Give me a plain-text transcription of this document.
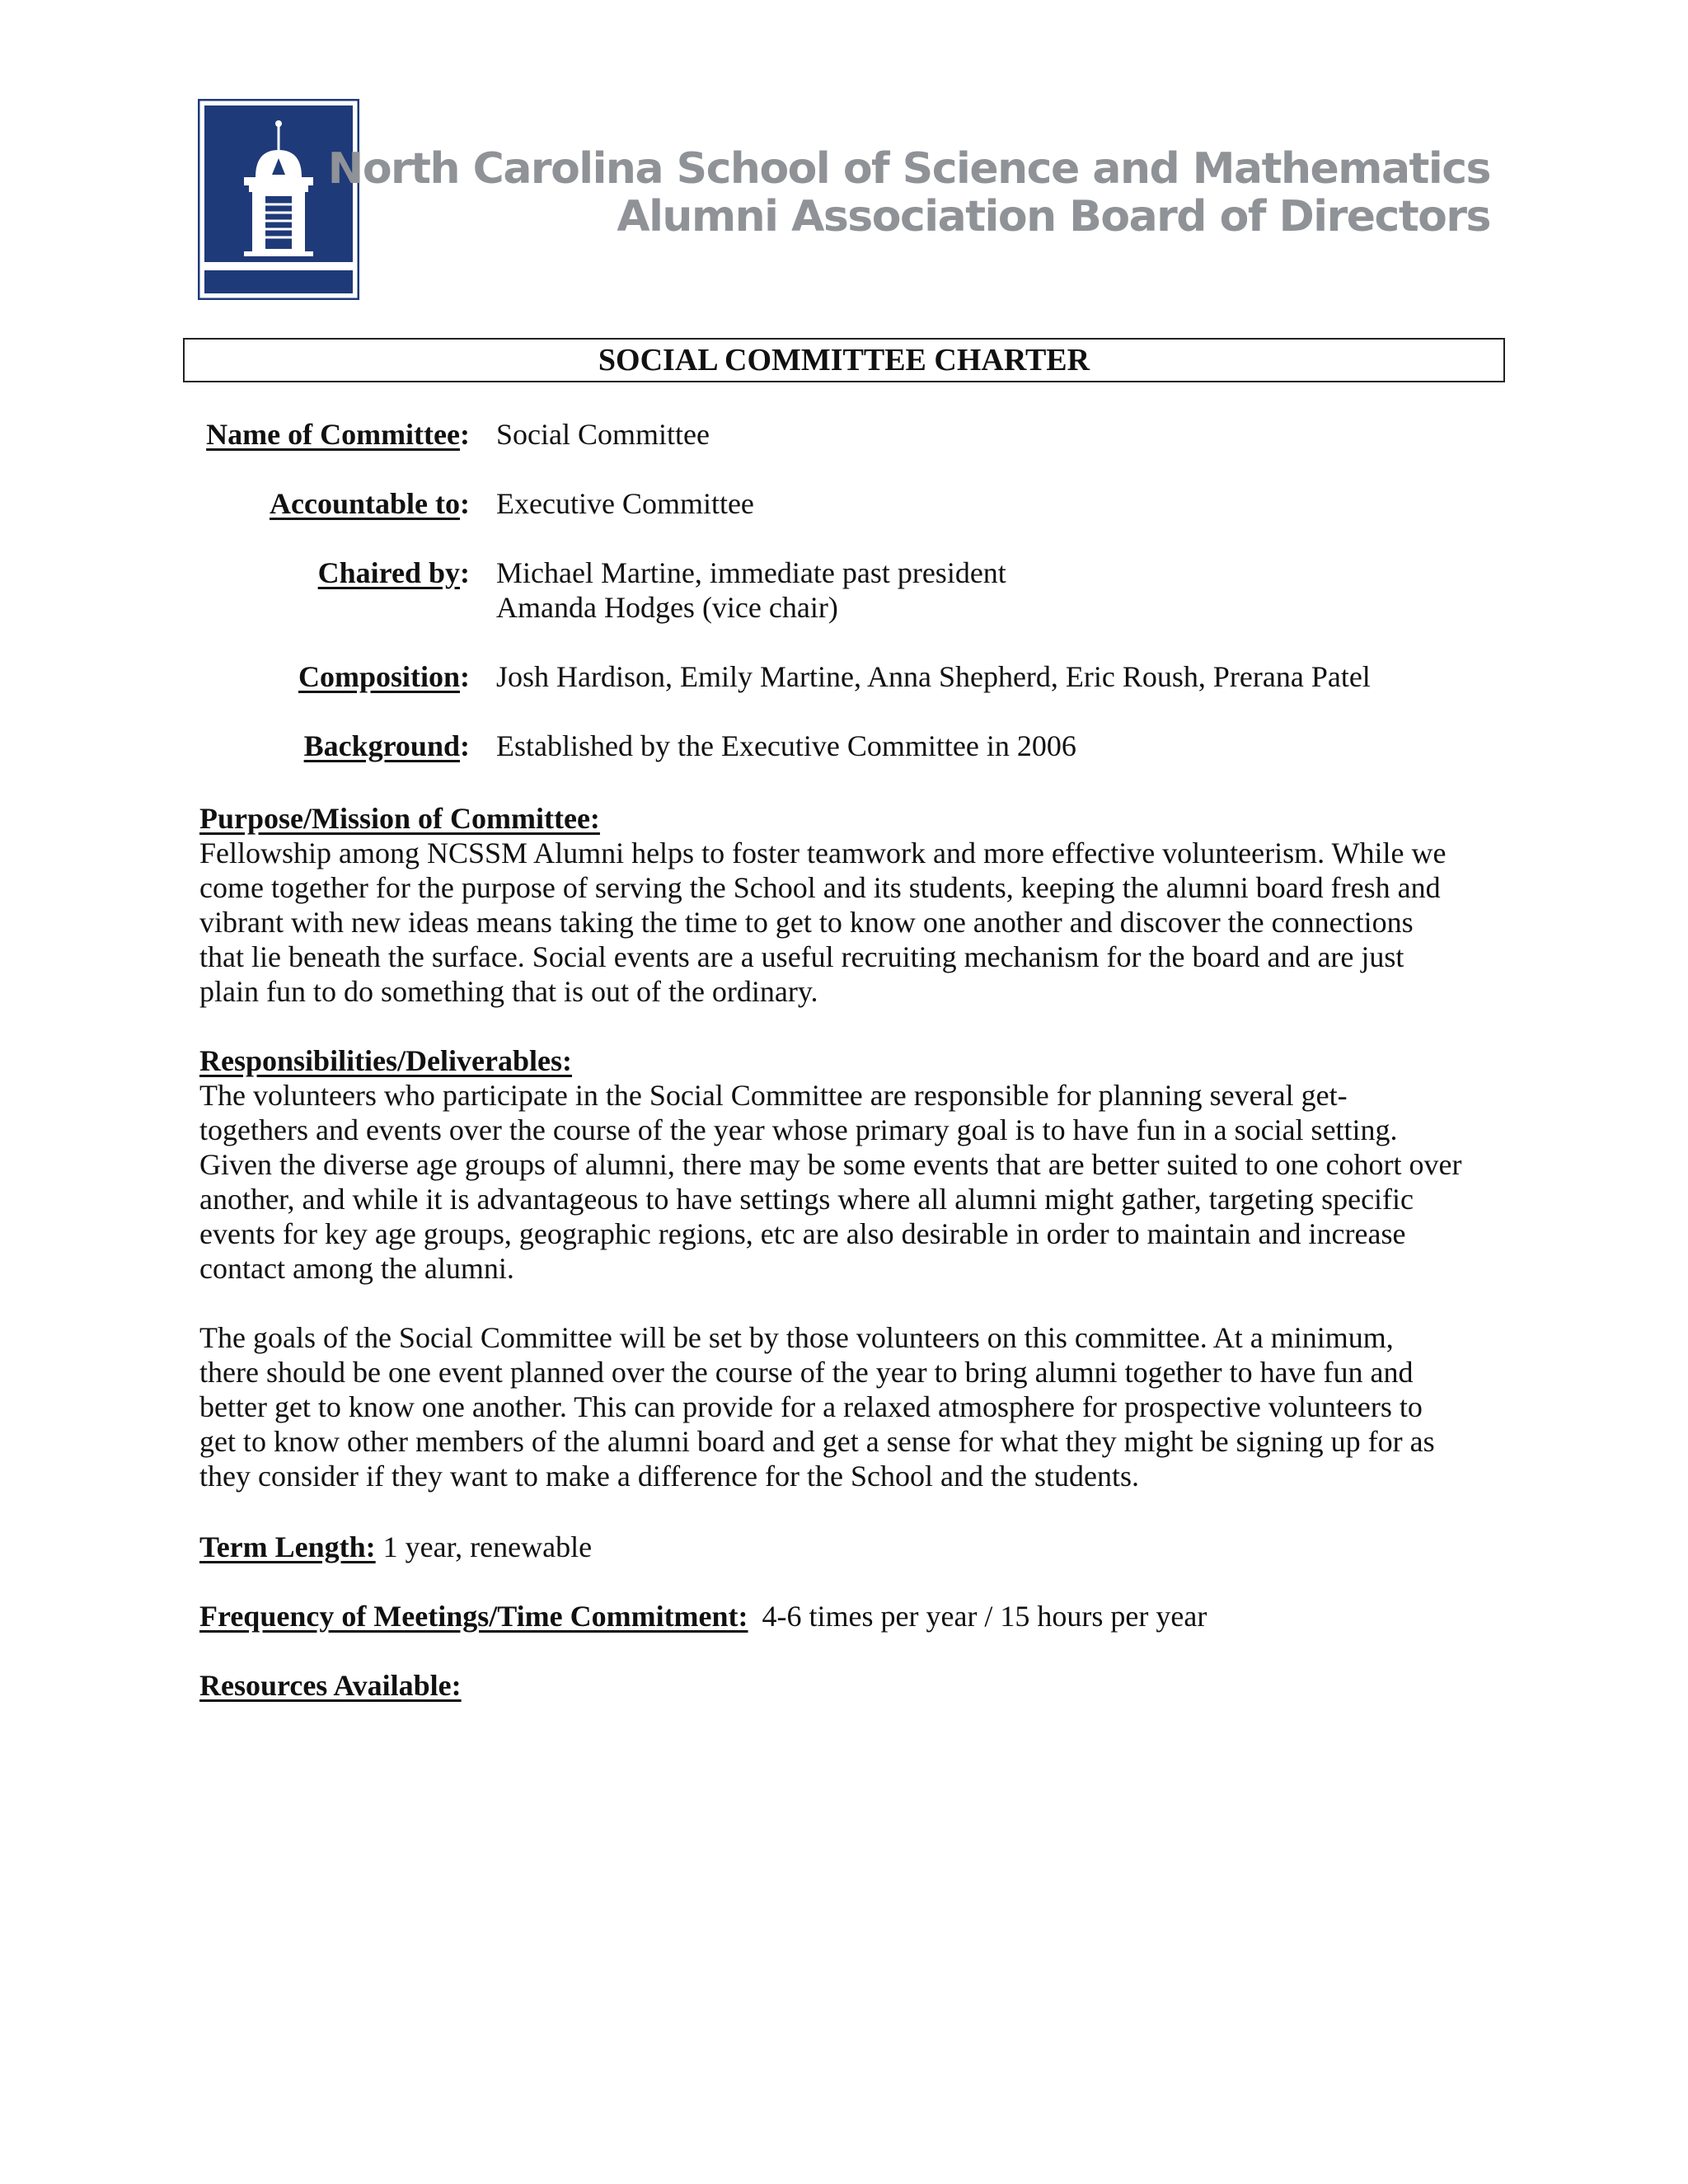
North Carolina School of Science and Mathematics
Alumni Association Board of Directors
SOCIAL COMMITTEE CHARTER
Name of Committee: Social Committee
Accountable to: Executive Committee
Chaired by: Michael Martine, immediate past president
Amanda Hodges (vice chair)
Composition: Josh Hardison, Emily Martine, Anna Shepherd, Eric Roush, Prerana Patel
Background: Established by the Executive Committee in 2006
Purpose/Mission of Committee:

Fellowship among NCSSM Alumni helps to foster teamwork and more effective volunteerism. While we

come together for the purpose of serving the School and its students, keeping the alumni board fresh and

vibrant with new ideas means taking the time to get to know one another and discover the connections

that lie beneath the surface. Social events are a useful recruiting mechanism for the board and are just

plain fun to do something that is out of the ordinary.

Responsibilities/Deliverables:

The volunteers who participate in the Social Committee are responsible for planning several get-

togethers and events over the course of the year whose primary goal is to have fun in a social setting.

Given the diverse age groups of alumni, there may be some events that are better suited to one cohort over

another, and while it is advantageous to have settings where all alumni might gather, targeting specific

events for key age groups, geographic regions, etc are also desirable in order to maintain and increase

contact among the alumni.

The goals of the Social Committee will be set by those volunteers on this committee. At a minimum,

there should be one event planned over the course of the year to bring alumni together to have fun and

better get to know one another. This can provide for a relaxed atmosphere for prospective volunteers to

get to know other members of the alumni board and get a sense for what they might be signing up for as

they consider if they want to make a difference for the School and the students.

Term Length: 1 year, renewable
Frequency of Meetings/Time Commitment: 4-6 times per year / 15 hours per year
Resources Available:
